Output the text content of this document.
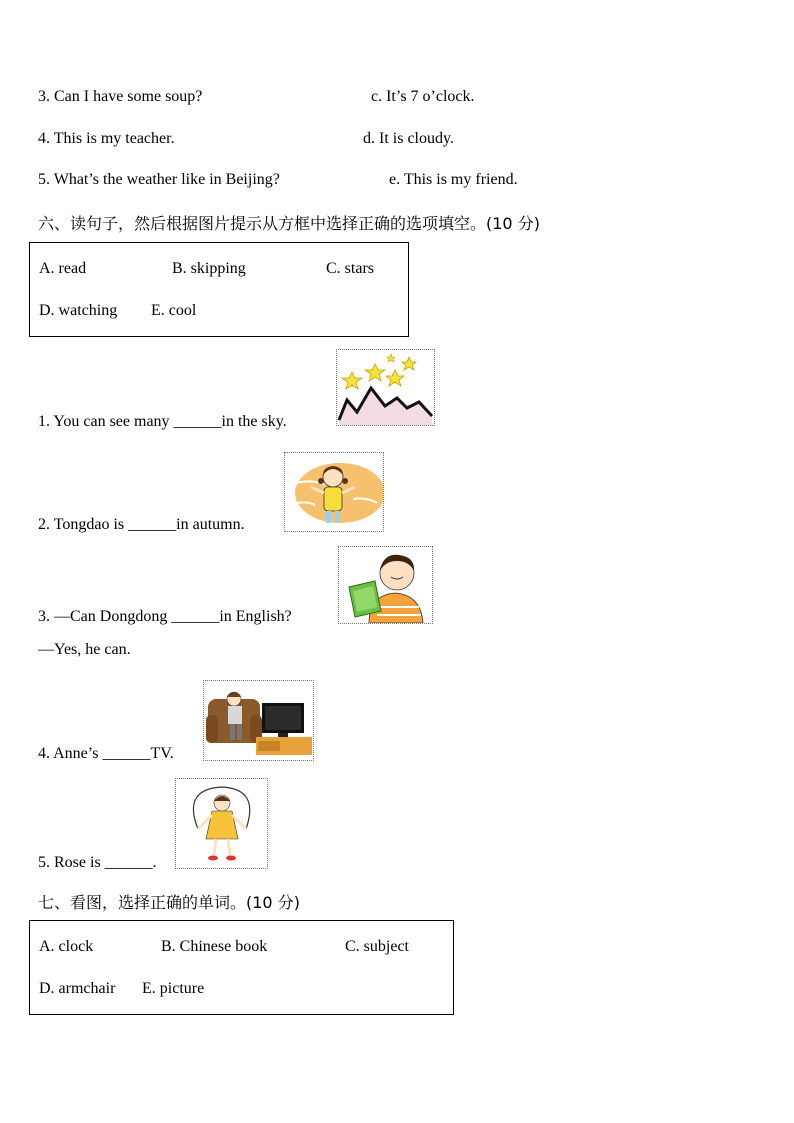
3. Can I have some soup?	c. It’s 7 o’clock.
4. This is my teacher.	d. It is cloudy.
5. What’s the weather like in Beijing?	e. This is my friend.
六、读句子，然后根据图片提示从方框中选择正确的选项填空。(10 分)
A. read	B. skipping	C. stars
D. watching E. cool
1. You can see many ______in the sky.
2. Tongdao is ______in autumn.
3. —Can Dongdong ______in English?
—Yes, he can.
4. Anne’s ______TV.
5. Rose is ______.
七、看图，选择正确的单词。(10 分)
A. clock	B. Chinese book	C. subject
D. armchair E. picture
